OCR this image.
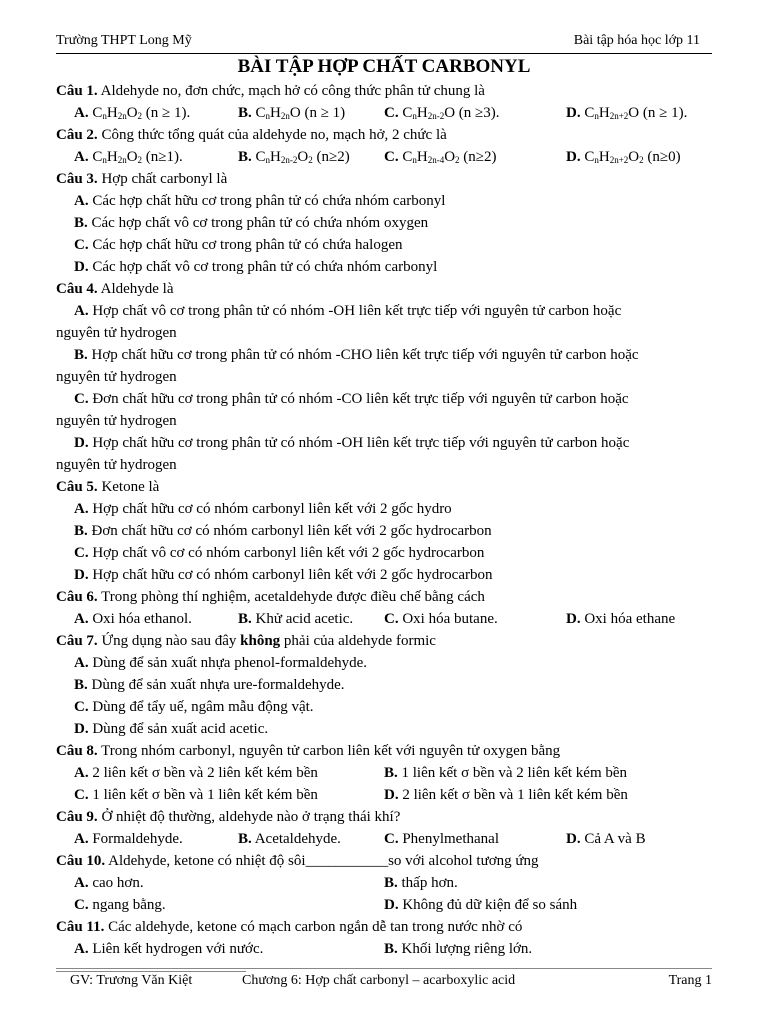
Trường THPT Long Mỹ	Bài tập hóa học lớp 11
BÀI TẬP HỢP CHẤT CARBONYL
Câu 1. Aldehyde no, đơn chức, mạch hở có công thức phân tử chung là
A. $C_nH_{2n}O_2$ (n ≥ 1).	B. $C_nH_{2n}O$ (n ≥ 1)	C. $C_nH_{2n-2}O$ (n ≥3).	D. $C_nH_{2n+2}O$ (n ≥ 1).
Câu 2. Công thức tổng quát của aldehyde no, mạch hở, 2 chức là
A. $C_nH_{2n}O_2$ (n≥1).	B. $C_nH_{2n-2}O_2$ (n≥2) C. $C_nH_{2n-4}O_2$ (n≥2)	D. $C_nH_{2n+2}O_2$ (n≥0)
Câu 3. Hợp chất carbonyl là
A. Các hợp chất hữu cơ trong phân tử có chứa nhóm carbonyl
B. Các hợp chất vô cơ trong phân tử có chứa nhóm oxygen
C. Các hợp chất hữu cơ trong phân tử có chứa halogen
D. Các hợp chất vô cơ trong phân tử có chứa nhóm carbonyl
Câu 4. Aldehyde là
A. Hợp chất vô cơ trong phân tử có nhóm -OH liên kết trực tiếp với nguyên tử carbon hoặc
nguyên tử hydrogen
B. Hợp chất hữu cơ trong phân tử có nhóm -CHO liên kết trực tiếp với nguyên tử carbon hoặc
nguyên tử hydrogen
C. Đơn chất hữu cơ trong phân tử có nhóm -CO liên kết trực tiếp với nguyên tử carbon hoặc
nguyên tử hydrogen
D. Hợp chất hữu cơ trong phân tử có nhóm -OH liên kết trực tiếp với nguyên tử carbon hoặc
nguyên tử hydrogen
Câu 5. Ketone là
A. Hợp chất hữu cơ có nhóm carbonyl liên kết với 2 gốc hydro
B. Đơn chất hữu cơ có nhóm carbonyl liên kết với 2 gốc hydrocarbon
C. Hợp chất vô cơ có nhóm carbonyl liên kết với 2 gốc hydrocarbon
D. Hợp chất hữu cơ có nhóm carbonyl liên kết với 2 gốc hydrocarbon
Câu 6. Trong phòng thí nghiệm, acetaldehyde được điều chế bằng cách
A. Oxi hóa ethanol.	B. Khử acid acetic. C. Oxi hóa butane.	D. Oxi hóa ethane
Câu 7. Ứng dụng nào sau đây không phải của aldehyde formic
A. Dùng để sản xuất nhựa phenol-formaldehyde.
B. Dùng để sản xuất nhựa ure-formaldehyde.
C. Dùng để tẩy uế, ngâm mẫu động vật.
D. Dùng để sản xuất acid acetic.
Câu 8. Trong nhóm carbonyl, nguyên tử carbon liên kết với nguyên tử oxygen bằng
A. 2 liên kết σ bền và 2 liên kết kém bền	B. 1 liên kết σ bền và 2 liên kết kém bền
C. 1 liên kết σ bền và 1 liên kết kém bền	D. 2 liên kết σ bền và 1 liên kết kém bền
Câu 9. Ở nhiệt độ thường, aldehyde nào ở trạng thái khí?
A. Formaldehyde.	B. Acetaldehyde.	C. Phenylmethanal	D. Cả A và B
Câu 10. Aldehyde, ketone có nhiệt độ sôi___________so với alcohol tương ứng
A. cao hơn.	B. thấp hơn.
C. ngang bằng.	D. Không đủ dữ kiện để so sánh
Câu 11. Các aldehyde, ketone có mạch carbon ngắn dễ tan trong nước nhờ có
A. Liên kết hydrogen với nước.	B. Khối lượng riêng lớn.
GV: Trương Văn Kiệt	Chương 6: Hợp chất carbonyl – acarboxylic acid	Trang 1
